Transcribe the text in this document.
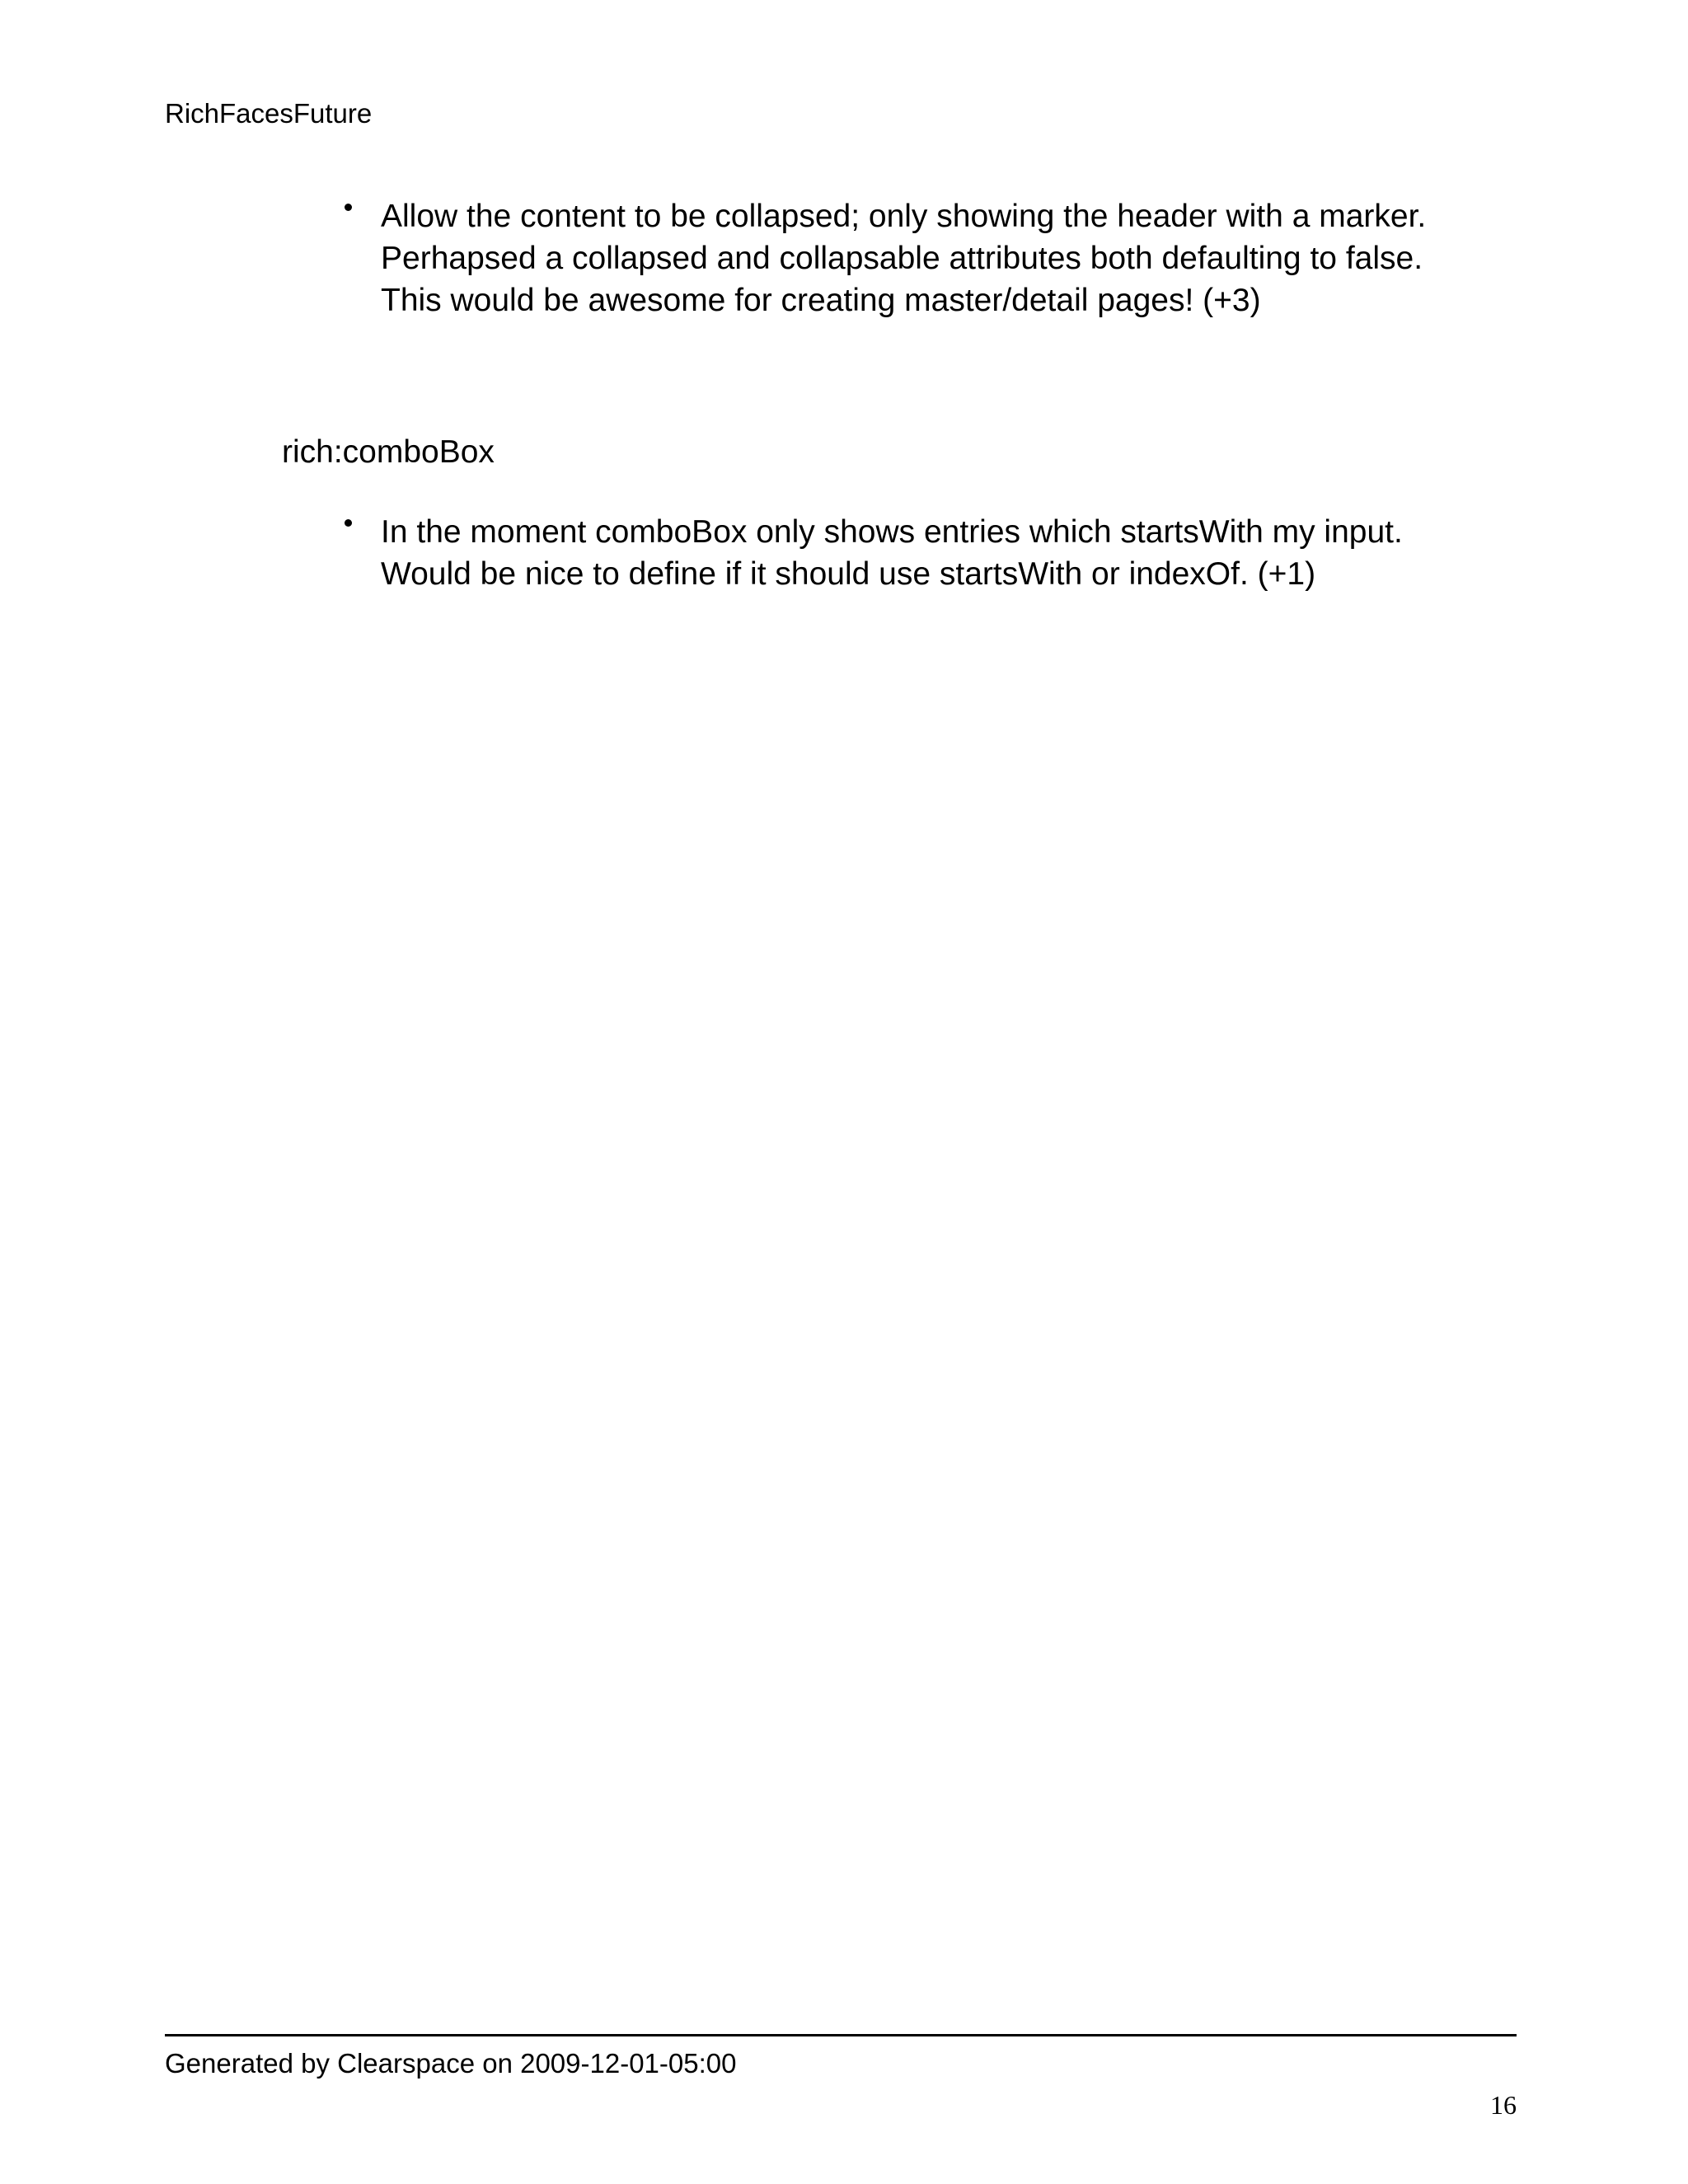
RichFacesFuture
Allow the content to be collapsed; only showing the header with a marker.
Perhapsed a collapsed and collapsable attributes both defaulting to false.
This would be awesome for creating master/detail pages! (+3)
rich:comboBox
In the moment comboBox only shows entries which startsWith my input.
Would be nice to define if it should use startsWith or indexOf. (+1)
Generated by Clearspace on 2009-12-01-05:00
16
